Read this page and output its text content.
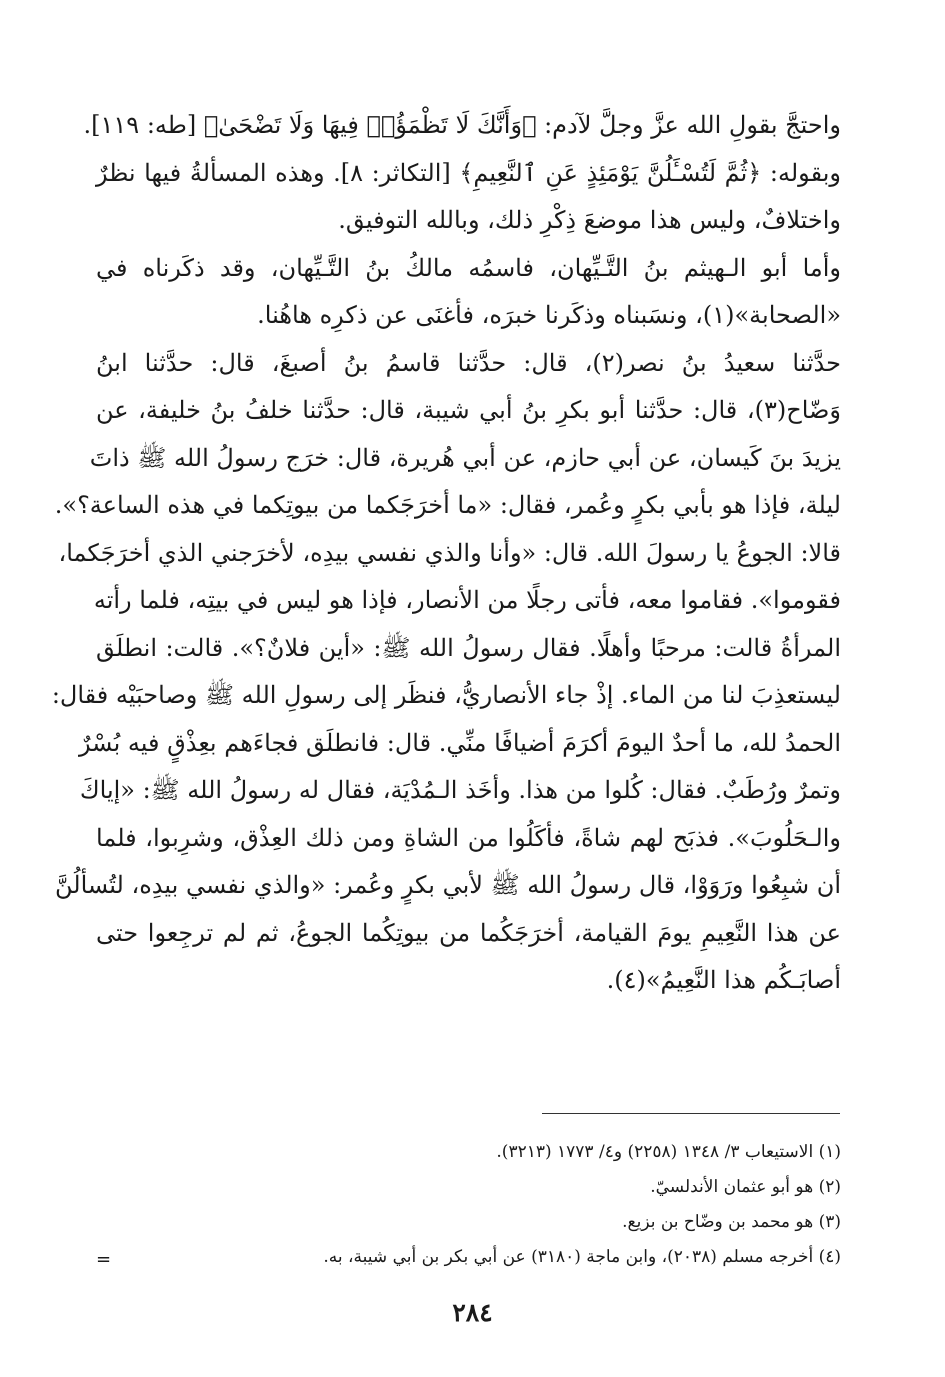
واحتجَّ بقولِ الله عزَّ وجلَّ لآدم: ﴿وَأَنَّكَ لَا تَظْمَؤُا۟ فِيهَا وَلَا تَضْحَىٰ﴾ [طه: ١١٩].

وبقوله: ﴿ثُمَّ لَتُسْـَٔلُنَّ يَوْمَئِذٍ عَنِ ٱلنَّعِيمِ﴾ [التكاثر: ٨]. وهذه المسألةُ فيها نظرٌ

واختلافٌ، وليس هذا موضعَ ذِكْرِ ذلك، وبالله التوفيق.

وأما أبو الـهيثم بنُ التَّـيِّهان، فاسمُه مالكُ بنُ التَّـيِّهان، وقد ذكَرناه في

«الصحابة»(١)، ونسَبناه وذكَرنا خبرَه، فأغنَى عن ذكرِه هاهُنا.

حدَّثنا سعيدُ بنُ نصر(٢)، قال: حدَّثنا قاسمُ بنُ أصبغَ، قال: حدَّثنا ابنُ

وَضّاح(٣)، قال: حدَّثنا أبو بكرِ بنُ أبي شيبة، قال: حدَّثنا خلفُ بنُ خليفة، عن

يزيدَ بنَ كَيسان، عن أبي حازم، عن أبي هُريرة، قال: خرَج رسولُ الله ﷺ ذاتَ

ليلة، فإذا هو بأبي بكرٍ وعُمر، فقال: «ما أخرَجَكما من بيوتِكما في هذه الساعة؟».

قالا: الجوعُ يا رسولَ الله. قال: «وأنا والذي نفسي بيدِه، لأخرَجني الذي أخرَجَكما،

فقوموا». فقاموا معه، فأتى رجلًا من الأنصار، فإذا هو ليس في بيتِه، فلما رأته

المرأةُ قالت: مرحبًا وأهلًا. فقال رسولُ الله ﷺ: «أين فلانٌ؟». قالت: انطلَق

ليستعذِبَ لنا من الماء. إذْ جاء الأنصاريُّ، فنظَر إلى رسولِ الله ﷺ وصاحبَيْه فقال:

الحمدُ لله، ما أحدٌ اليومَ أكرَمَ أضيافًا منِّي. قال: فانطلَق فجاءَهم بعِذْقٍ فيه بُسْرٌ

وتمرٌ ورُطَبٌ. فقال: كُلوا من هذا. وأخَذ الـمُدْيَة، فقال له رسولُ الله ﷺ: «إياكَ

والـحَلُوبَ». فذبَح لهم شاةً، فأكَلُوا من الشاةِ ومن ذلك العِذْق، وشرِبوا، فلما

أن شبِعُوا ورَوَوْا، قال رسولُ الله ﷺ لأبي بكرٍ وعُمر: «والذي نفسي بيدِه، لتُسألُنَّ

عن هذا النَّعِيمِ يومَ القيامة، أخرَجَكُما من بيوتِكُما الجوعُ، ثم لم ترجِعوا حتى

أصابَـكُم هذا النَّعِيمُ»(٤).

(١) الاستيعاب ٣/ ١٣٤٨ (٢٢٥٨) و٤/ ١٧٧٣ (٣٢١٣).

(٢) هو أبو عثمان الأندلسيّ.

(٣) هو محمد بن وضّاح بن بزيع.

(٤) أخرجه مسلم (٢٠٣٨)، وابن ماجة (٣١٨٠) عن أبي بكر بن أبي شيبة، به.

=
٢٨٤
